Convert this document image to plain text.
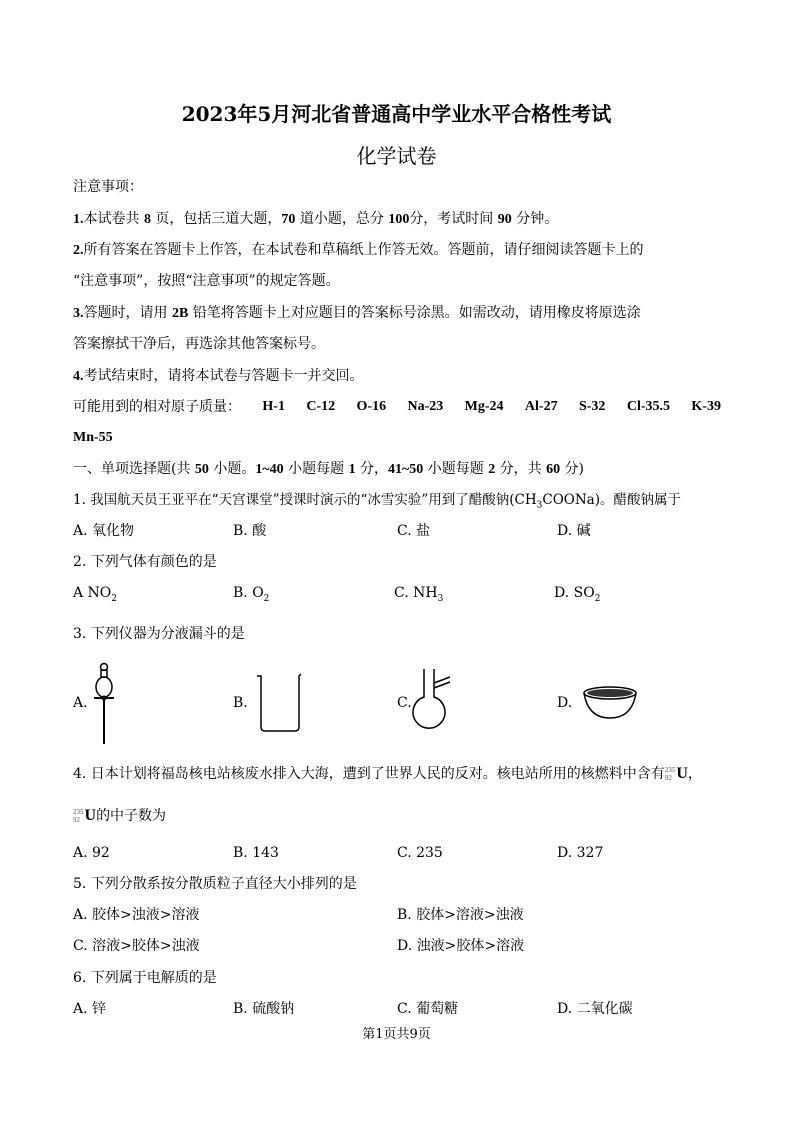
2023年5月河北省普通高中学业水平合格性考试
化学试卷
注意事项：
1.本试卷共 8 页，包括三道大题，70 道小题，总分 100分，考试时间 90 分钟。
2.所有答案在答题卡上作答，在本试卷和草稿纸上作答无效。答题前，请仔细阅读答题卡上的
“注意事项”，按照“注意事项”的规定答题。
3.答题时，请用 2B 铅笔将答题卡上对应题目的答案标号涂黑。如需改动，请用橡皮将原选涂
答案擦拭干净后，再选涂其他答案标号。
4.考试结束时，请将本试卷与答题卡一并交回。
可能用到的相对原子质量： H-1 C-12 O-16 Na-23 Mg-24 Al-27 S-32 Cl-35.5 K-39
Mn-55
一、单项选择题(共 50 小题。1~40 小题每题 1 分，41~50 小题每题 2 分，共 60 分)
1. 我国航天员王亚平在“天宫课堂”授课时演示的“冰雪实验”用到了醋酸钠$(CH_3COONa)$。醋酸钠属于
A. 氧化物	B. 酸	C. 盐	D. 碱
2. 下列气体有颜色的是
A $NO_2$	B. $O_2$	C. $NH_3$	D. $SO_2$
3. 下列仪器为分液漏斗的是
A.	B.	C.	D.
4. 日本计划将福岛核电站核废水排入大海，遭到了世界人民的反对。核电站所用的核燃料中含有 235
92 U ，
235
92 U 的中子数为
A. 92	B. 143	C. 235	D. 327
5. 下列分散系按分散质粒子直径大小排列的是
A. 胶体>浊液>溶液	B. 胶体>溶液>浊液
C. 溶液>胶体>浊液	D. 浊液>胶体>溶液
6. 下列属于电解质的是
A. 锌	B. 硫酸钠	C. 葡萄糖	D. 二氧化碳
第1页共9页
